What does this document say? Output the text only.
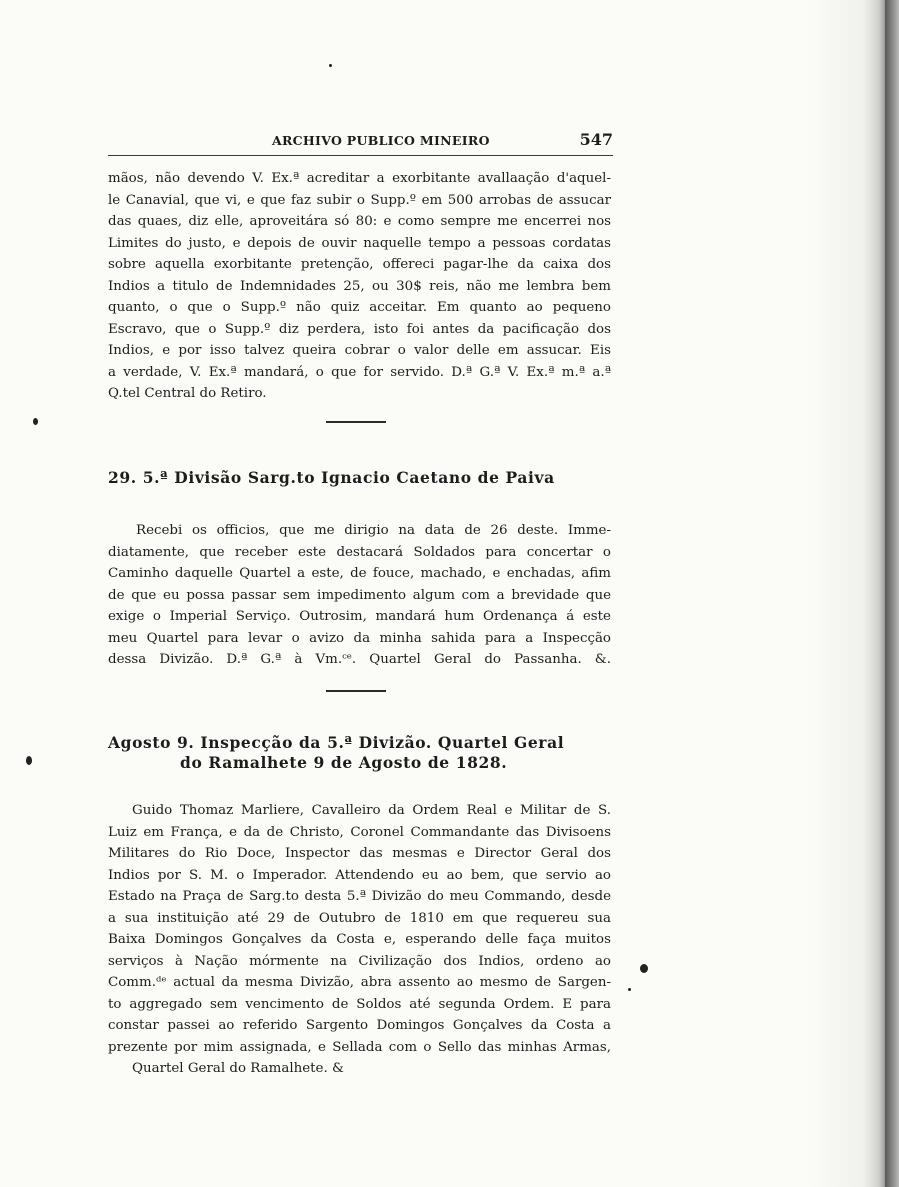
ARCHIVO PUBLICO MINEIRO	547
mãos, não devendo V. Ex.ª acreditar a exorbitante avallaação d'aquel-
le Canavial, que vi, e que faz subir o Supp.º em 500 arrobas de assucar
das quaes, diz elle, aproveitára só 80: e como sempre me encerrei nos
Limites do justo, e depois de ouvir naquelle tempo a pessoas cordatas
sobre aquella exorbitante pretenção, offereci pagar-lhe da caixa dos
Indios a titulo de Indemnidades 25, ou 30$ reis, não me lembra bem
quanto, o que o Supp.º não quiz acceitar. Em quanto ao pequeno
Escravo, que o Supp.º diz perdera, isto foi antes da pacificação dos
Indios, e por isso talvez queira cobrar o valor delle em assucar. Eis
a verdade, V. Ex.ª mandará, o que for servido. D.ª G.ª V. Ex.ª m.ª a.ª
Q.tel Central do Retiro.
29. 5.ª Divisão Sarg.to Ignacio Caetano de Paiva
Recebi os officios, que me dirigio na data de 26 deste. Imme-
diatamente, que receber este destacará Soldados para concertar o
Caminho daquelle Quartel a este, de fouce, machado, e enchadas, afim
de que eu possa passar sem impedimento algum com a brevidade que
exige o Imperial Serviço. Outrosim, mandará hum Ordenança á este
meu Quartel para levar o avizo da minha sahida para a Inspecção
dessa Divizão. D.ª G.ª à Vm.ᶜᵉ. Quartel Geral do Passanha. &.
Agosto 9. Inspecção da 5.ª Divizão. Quartel Geral
do Ramalhete 9 de Agosto de 1828.
Guido Thomaz Marliere, Cavalleiro da Ordem Real e Militar de S.
Luiz em França, e da de Christo, Coronel Commandante das Divisoens
Militares do Rio Doce, Inspector das mesmas e Director Geral dos
Indios por S. M. o Imperador. Attendendo eu ao bem, que servio ao
Estado na Praça de Sarg.to desta 5.ª Divizão do meu Commando, desde
a sua instituição até 29 de Outubro de 1810 em que requereu sua
Baixa Domingos Gonçalves da Costa e, esperando delle faça muitos
serviços à Nação mórmente na Civilização dos Indios, ordeno ao
Comm.ᵈᵉ actual da mesma Divizão, abra assento ao mesmo de Sargen-
to aggregado sem vencimento de Soldos até segunda Ordem. E para
constar passei ao referido Sargento Domingos Gonçalves da Costa a
prezente por mim assignada, e Sellada com o Sello das minhas Armas,
Quartel Geral do Ramalhete. &
